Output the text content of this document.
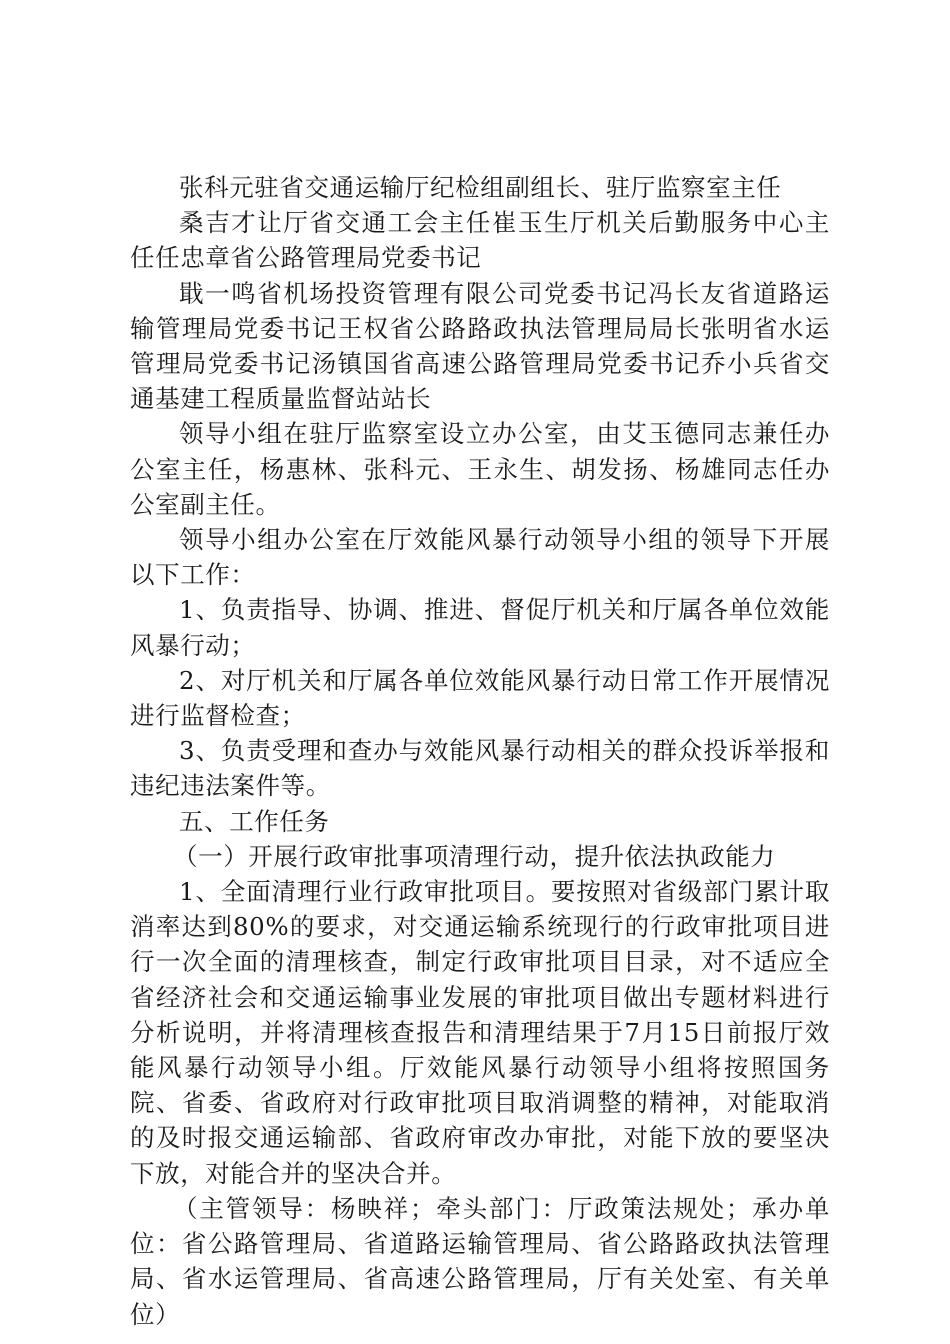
张科元驻省交通运输厅纪检组副组长、驻厅监察室主任

桑吉才让厅省交通工会主任崔玉生厅机关后勤服务中心主任任忠章省公路管理局党委书记

戢一鸣省机场投资管理有限公司党委书记冯长友省道路运输管理局党委书记王权省公路路政执法管理局局长张明省水运管理局党委书记汤镇国省高速公路管理局党委书记乔小兵省交通基建工程质量监督站站长

领导小组在驻厅监察室设立办公室，由艾玉德同志兼任办公室主任，杨惠林、张科元、王永生、胡发扬、杨雄同志任办公室副主任。

领导小组办公室在厅效能风暴行动领导小组的领导下开展以下工作：

1、负责指导、协调、推进、督促厅机关和厅属各单位效能风暴行动；

2、对厅机关和厅属各单位效能风暴行动日常工作开展情况进行监督检查；

3、负责受理和查办与效能风暴行动相关的群众投诉举报和违纪违法案件等。

五、工作任务

（一）开展行政审批事项清理行动，提升依法执政能力

1、全面清理行业行政审批项目。要按照对省级部门累计取消率达到80%的要求，对交通运输系统现行的行政审批项目进行一次全面的清理核查，制定行政审批项目目录，对不适应全省经济社会和交通运输事业发展的审批项目做出专题材料进行分析说明，并将清理核查报告和清理结果于7月15日前报厅效能风暴行动领导小组。厅效能风暴行动领导小组将按照国务院、省委、省政府对行政审批项目取消调整的精神，对能取消的及时报交通运输部、省政府审改办审批，对能下放的要坚决下放，对能合并的坚决合并。

（主管领导：杨映祥；牵头部门：厅政策法规处；承办单位：省公路管理局、省道路运输管理局、省公路路政执法管理局、省水运管理局、省高速公路管理局，厅有关处室、有关单位）
